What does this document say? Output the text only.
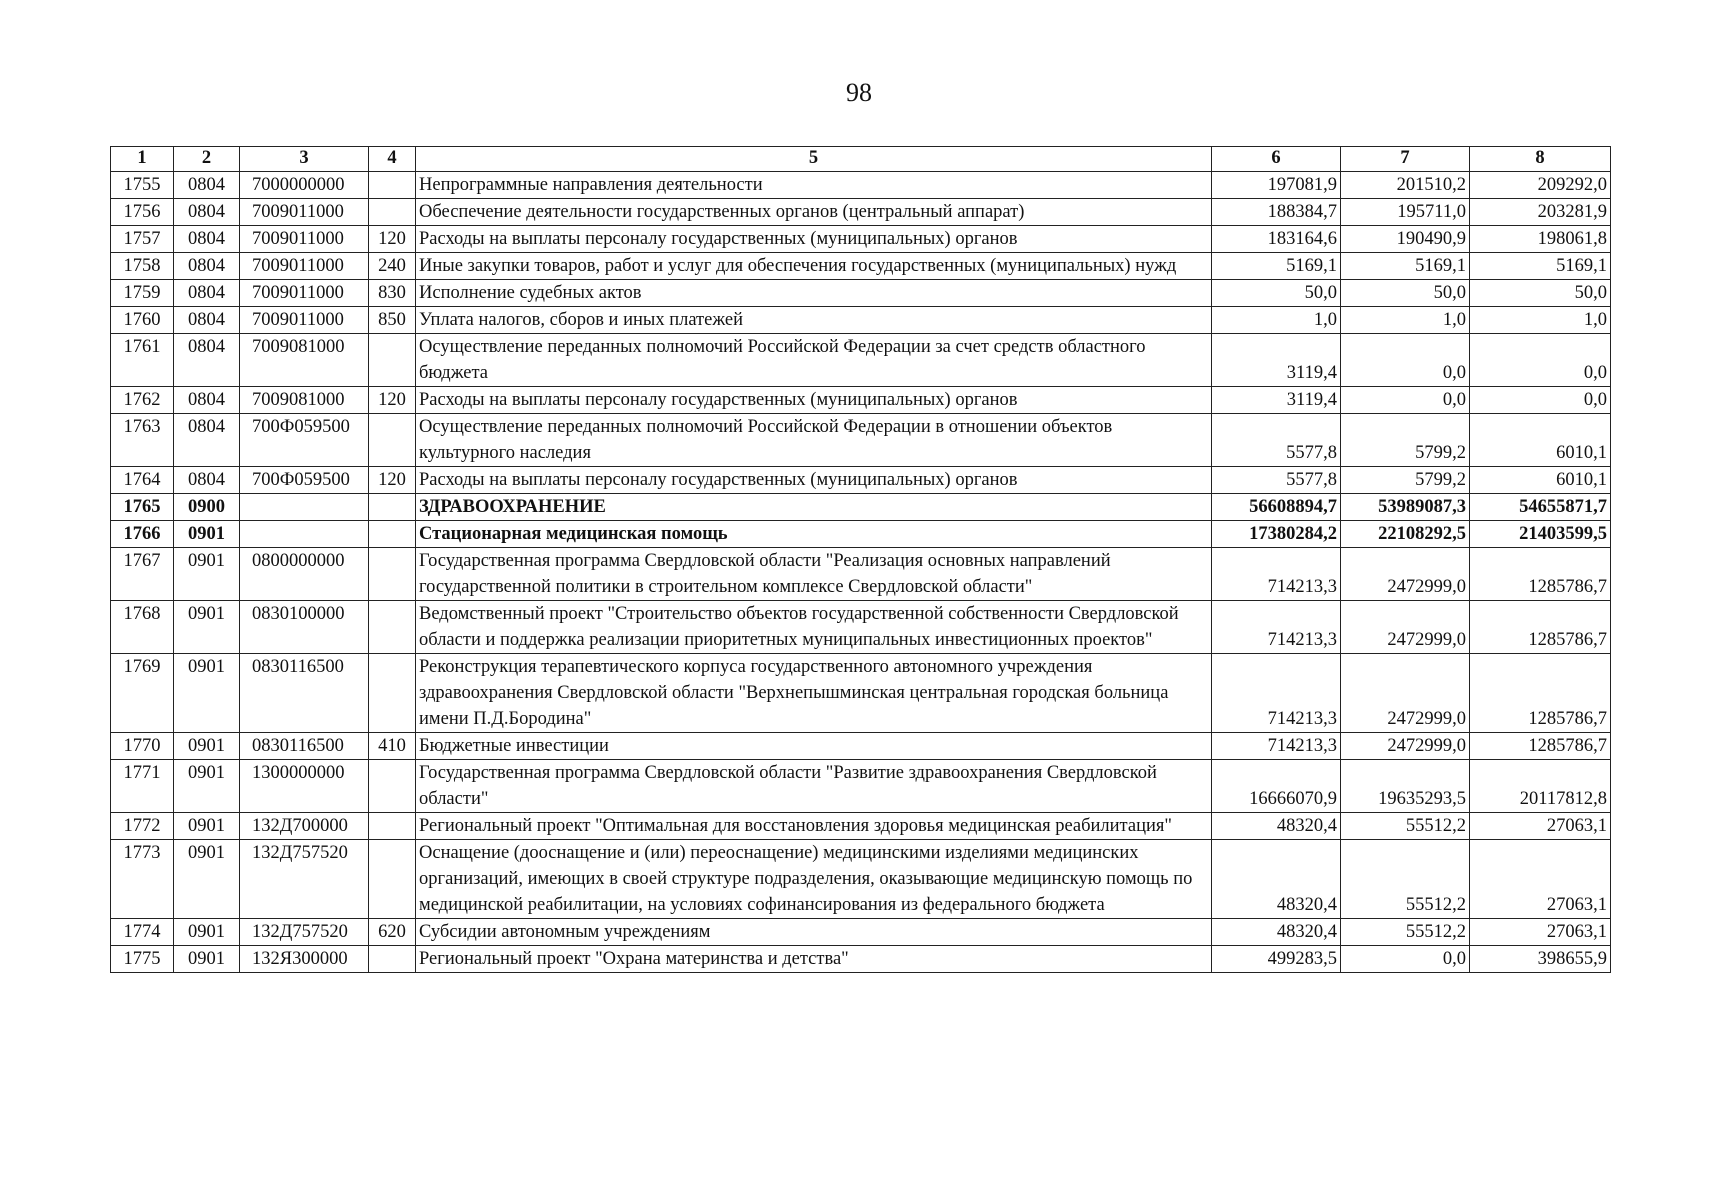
98
1	2	3	4	5	6	7	8
1755	0804	7000000000		Непрограммные направления деятельности	197081,9	201510,2	209292,0
1756	0804	7009011000		Обеспечение деятельности государственных органов (центральный аппарат)	188384,7	195711,0	203281,9
1757	0804	7009011000	120	Расходы на выплаты персоналу государственных (муниципальных) органов	183164,6	190490,9	198061,8
1758	0804	7009011000	240	Иные закупки товаров, работ и услуг для обеспечения государственных (муниципальных) нужд	5169,1	5169,1	5169,1
1759	0804	7009011000	830	Исполнение судебных актов	50,0	50,0	50,0
1760	0804	7009011000	850	Уплата налогов, сборов и иных платежей	1,0	1,0	1,0
1761	0804	7009081000		Осуществление переданных полномочий Российской Федерации за счет средств областного бюджета	3119,4	0,0	0,0
1762	0804	7009081000	120	Расходы на выплаты персоналу государственных (муниципальных) органов	3119,4	0,0	0,0
1763	0804	700Ф059500		Осуществление переданных полномочий Российской Федерации в отношении объектов культурного наследия	5577,8	5799,2	6010,1
1764	0804	700Ф059500	120	Расходы на выплаты персоналу государственных (муниципальных) органов	5577,8	5799,2	6010,1
1765	0900			ЗДРАВООХРАНЕНИЕ	56608894,7	53989087,3	54655871,7
1766	0901			Стационарная медицинская помощь	17380284,2	22108292,5	21403599,5
1767	0901	0800000000		Государственная программа Свердловской области "Реализация основных направлений государственной политики в строительном комплексе Свердловской области"	714213,3	2472999,0	1285786,7
1768	0901	0830100000		Ведомственный проект "Строительство объектов государственной собственности Свердловской области и поддержка реализации приоритетных муниципальных инвестиционных проектов"	714213,3	2472999,0	1285786,7
1769	0901	0830116500		Реконструкция терапевтического корпуса государственного автономного учреждения здравоохранения Свердловской области "Верхнепышминская центральная городская больница имени П.Д.Бородина"	714213,3	2472999,0	1285786,7
1770	0901	0830116500	410	Бюджетные инвестиции	714213,3	2472999,0	1285786,7
1771	0901	1300000000		Государственная программа Свердловской области "Развитие здравоохранения Свердловской области"	16666070,9	19635293,5	20117812,8
1772	0901	132Д700000		Региональный проект "Оптимальная для восстановления здоровья медицинская реабилитация"	48320,4	55512,2	27063,1
1773	0901	132Д757520		Оснащение (дооснащение и (или) переоснащение) медицинскими изделиями медицинских организаций, имеющих в своей структуре подразделения, оказывающие медицинскую помощь по медицинской реабилитации, на условиях софинансирования из федерального бюджета	48320,4	55512,2	27063,1
1774	0901	132Д757520	620	Субсидии автономным учреждениям	48320,4	55512,2	27063,1
1775	0901	132Я300000		Региональный проект "Охрана материнства и детства"	499283,5	0,0	398655,9
